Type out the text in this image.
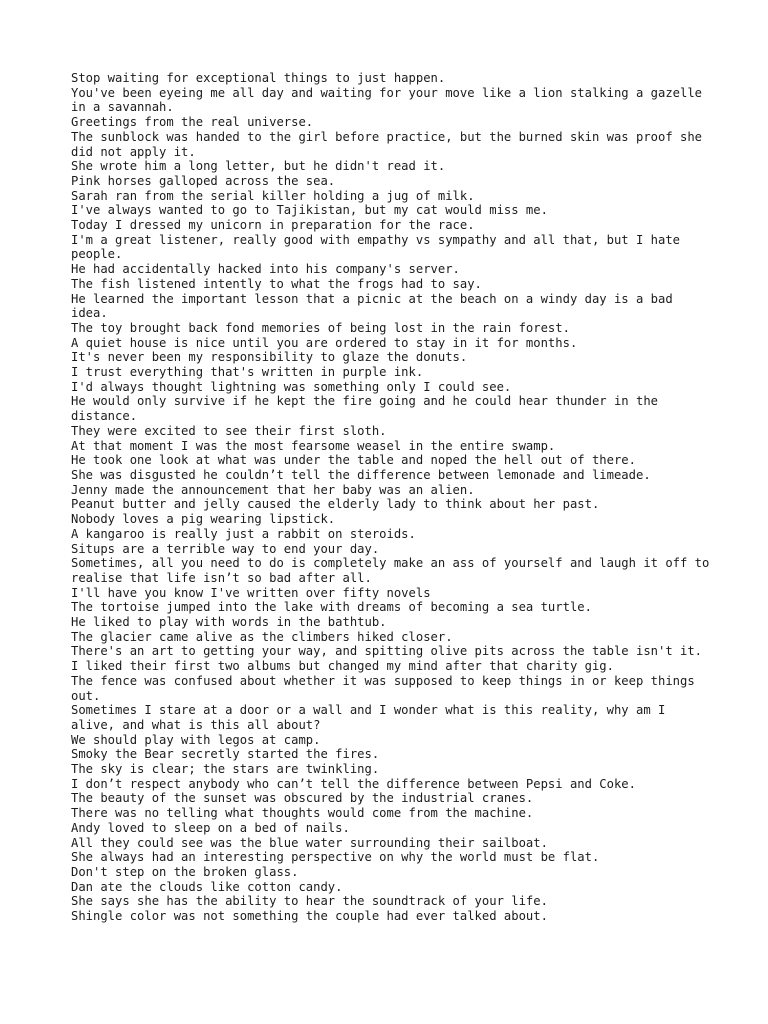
Stop waiting for exceptional things to just happen.

You've been eyeing me all day and waiting for your move like a lion stalking a gazelle in a savannah.

Greetings from the real universe.

The sunblock was handed to the girl before practice, but the burned skin was proof she did not apply it.

She wrote him a long letter, but he didn't read it.

Pink horses galloped across the sea.

Sarah ran from the serial killer holding a jug of milk.

I've always wanted to go to Tajikistan, but my cat would miss me.

Today I dressed my unicorn in preparation for the race.

I'm a great listener, really good with empathy vs sympathy and all that, but I hate people.

He had accidentally hacked into his company's server.

The fish listened intently to what the frogs had to say.

He learned the important lesson that a picnic at the beach on a windy day is a bad idea.

The toy brought back fond memories of being lost in the rain forest.

A quiet house is nice until you are ordered to stay in it for months.

It's never been my responsibility to glaze the donuts.

I trust everything that's written in purple ink.

I'd always thought lightning was something only I could see.

He would only survive if he kept the fire going and he could hear thunder in the distance.

They were excited to see their first sloth.

At that moment I was the most fearsome weasel in the entire swamp.

He took one look at what was under the table and noped the hell out of there.

She was disgusted he couldn’t tell the difference between lemonade and limeade.

Jenny made the announcement that her baby was an alien.

Peanut butter and jelly caused the elderly lady to think about her past.

Nobody loves a pig wearing lipstick.

A kangaroo is really just a rabbit on steroids.

Situps are a terrible way to end your day.

Sometimes, all you need to do is completely make an ass of yourself and laugh it off to realise that life isn’t so bad after all.

I'll have you know I've written over fifty novels

The tortoise jumped into the lake with dreams of becoming a sea turtle.

He liked to play with words in the bathtub.

The glacier came alive as the climbers hiked closer.

There's an art to getting your way, and spitting olive pits across the table isn't it.

I liked their first two albums but changed my mind after that charity gig.

The fence was confused about whether it was supposed to keep things in or keep things out.

Sometimes I stare at a door or a wall and I wonder what is this reality, why am I alive, and what is this all about?

We should play with legos at camp.

Smoky the Bear secretly started the fires.

The sky is clear; the stars are twinkling.

I don’t respect anybody who can’t tell the difference between Pepsi and Coke.

The beauty of the sunset was obscured by the industrial cranes.

There was no telling what thoughts would come from the machine.

Andy loved to sleep on a bed of nails.

All they could see was the blue water surrounding their sailboat.

She always had an interesting perspective on why the world must be flat.

Don't step on the broken glass.

Dan ate the clouds like cotton candy.

She says she has the ability to hear the soundtrack of your life.

Shingle color was not something the couple had ever talked about.
